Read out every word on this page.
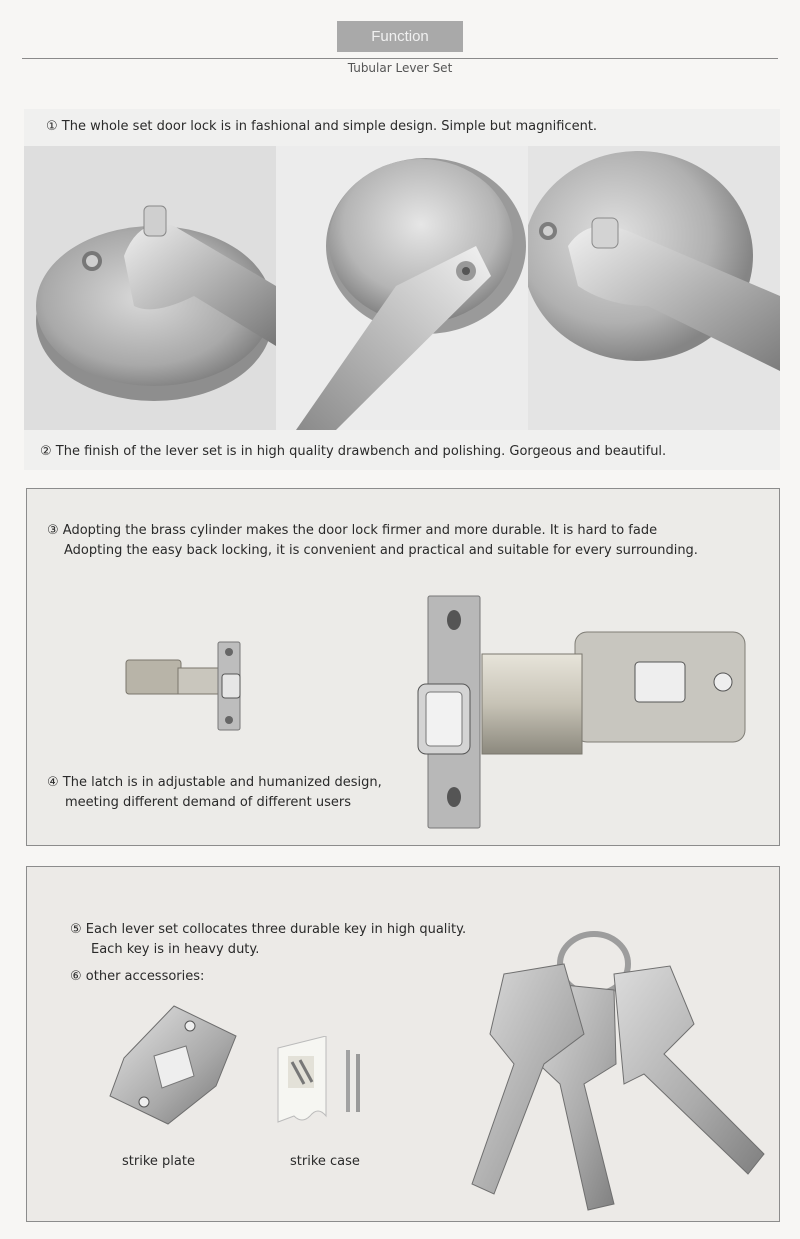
Function
Tubular Lever Set
① The whole set door lock is in fashional and simple design. Simple but magnificent.
② The finish of the lever set is in high quality drawbench and polishing. Gorgeous and beautiful.
③ Adopting the brass cylinder makes the door lock firmer and more durable. It is hard to fade
Adopting the easy back locking, it is convenient and practical and suitable for every surrounding.
④ The latch is in adjustable and humanized design,
meeting different demand of different users
⑤ Each lever set collocates three durable key in high quality.
Each key is in heavy duty.
⑥ other accessories:
strike plate	strike case
